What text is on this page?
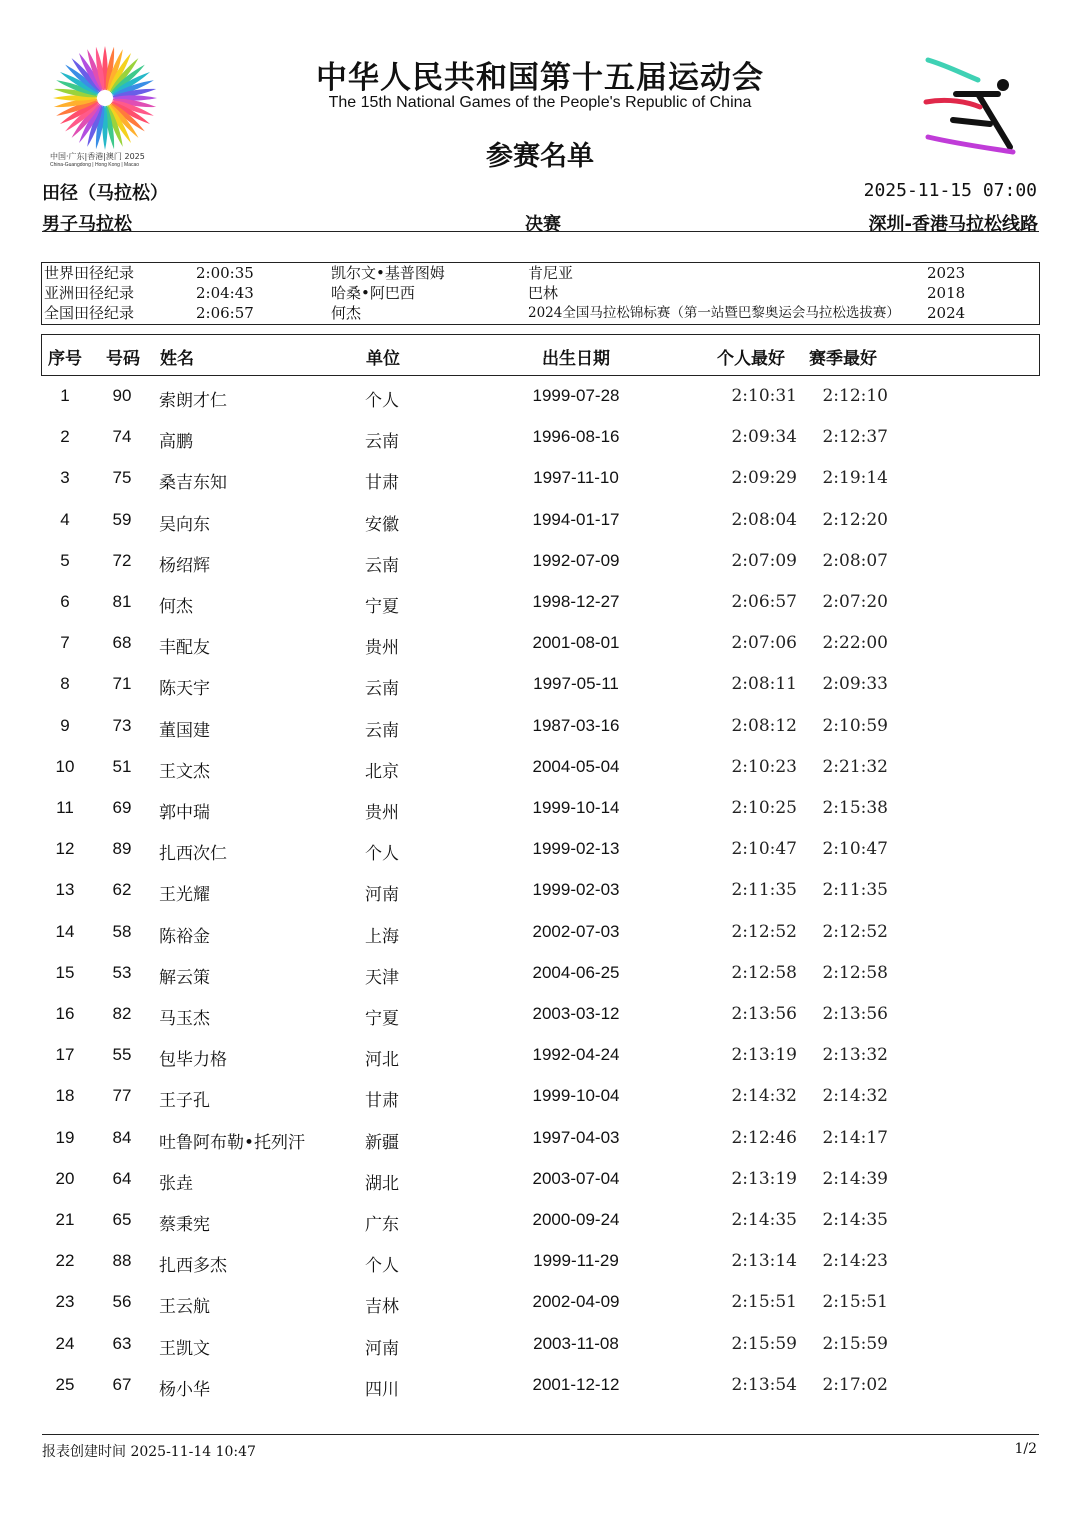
中国·广东|香港|澳门 2025
China-Guangdong | Hong Kong | Macao
中华人民共和国第十五届运动会
The 15th National Games of the People's Republic of China
参赛名单
田径（马拉松）	2025-11-15 07:00
男子马拉松	决赛	深圳-香港马拉松线路
世界田径纪录	2:00:35	凯尔文•基普图姆	肯尼亚	2023
亚洲田径纪录	2:04:43	哈桑•阿巴西	巴林	2018
全国田径纪录	2:06:57	何杰	2024全国马拉松锦标赛（第一站暨巴黎奥运会马拉松选拔赛） 2024
序号 号码 姓名	单位	出生日期	个人最好 赛季最好
1	90	索朗才仁	个人	1999-07-28	2:10:31	2:12:10
2	74	高鹏	云南	1996-08-16	2:09:34	2:12:37
3	75	桑吉东知	甘肃	1997-11-10	2:09:29	2:19:14
4	59	吴向东	安徽	1994-01-17	2:08:04	2:12:20
5	72	杨绍辉	云南	1992-07-09	2:07:09	2:08:07
6	81	何杰	宁夏	1998-12-27	2:06:57	2:07:20
7	68	丰配友	贵州	2001-08-01	2:07:06	2:22:00
8	71	陈天宇	云南	1997-05-11	2:08:11	2:09:33
9	73	董国建	云南	1987-03-16	2:08:12	2:10:59
10	51	王文杰	北京	2004-05-04	2:10:23	2:21:32
11	69	郭中瑞	贵州	1999-10-14	2:10:25	2:15:38
12	89	扎西次仁	个人	1999-02-13	2:10:47	2:10:47
13	62	王光耀	河南	1999-02-03	2:11:35	2:11:35
14	58	陈裕金	上海	2002-07-03	2:12:52	2:12:52
15	53	解云策	天津	2004-06-25	2:12:58	2:12:58
16	82	马玉杰	宁夏	2003-03-12	2:13:56	2:13:56
17	55	包毕力格	河北	1992-04-24	2:13:19	2:13:32
18	77	王子孔	甘肃	1999-10-04	2:14:32	2:14:32
19	84	吐鲁阿布勒•托列汗	新疆	1997-04-03	2:12:46	2:14:17
20	64	张垚	湖北	2003-07-04	2:13:19	2:14:39
21	65	蔡秉宪	广东	2000-09-24	2:14:35	2:14:35
22	88	扎西多杰	个人	1999-11-29	2:13:14	2:14:23
23	56	王云航	吉林	2002-04-09	2:15:51	2:15:51
24	63	王凯文	河南	2003-11-08	2:15:59	2:15:59
25	67	杨小华	四川	2001-12-12	2:13:54	2:17:02
报表创建时间 2025-11-14 10:47	1/2
